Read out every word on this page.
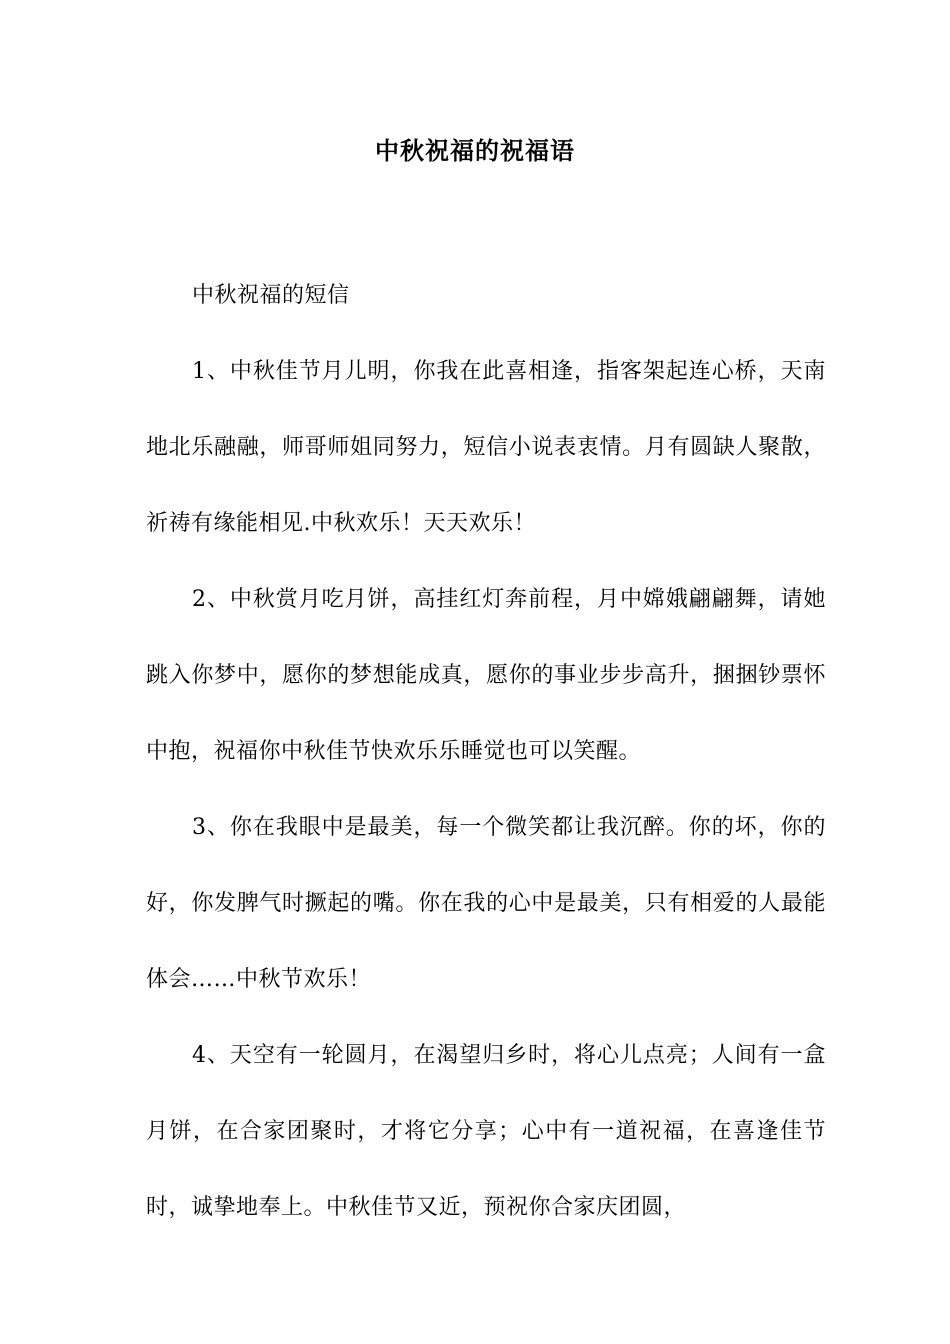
中秋祝福的祝福语

中秋祝福的短信

1、中秋佳节月儿明，你我在此喜相逢，指客架起连心桥，天南地北乐融融，师哥师姐同努力，短信小说表衷情。月有圆缺人聚散，祈祷有缘能相见.中秋欢乐！天天欢乐！

2、中秋赏月吃月饼，高挂红灯奔前程，月中嫦娥翩翩舞，请她跳入你梦中，愿你的梦想能成真，愿你的事业步步高升，捆捆钞票怀中抱，祝福你中秋佳节快欢乐乐睡觉也可以笑醒。

3、你在我眼中是最美，每一个微笑都让我沉醉。你的坏，你的好，你发脾气时撅起的嘴。你在我的心中是最美，只有相爱的人最能体会……中秋节欢乐！

4、天空有一轮圆月，在渴望归乡时，将心儿点亮；人间有一盒月饼，在合家团聚时，才将它分享；心中有一道祝福，在喜逢佳节时，诚挚地奉上。中秋佳节又近，预祝你合家庆团圆，
